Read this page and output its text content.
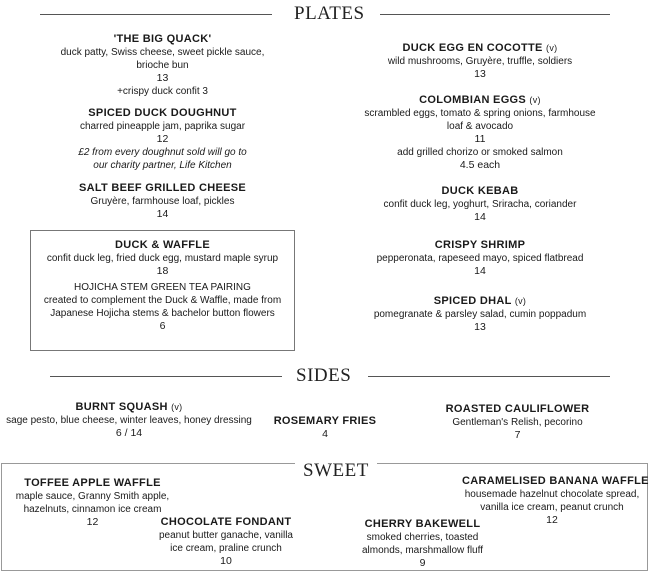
PLATES
'THE BIG QUACK'
duck patty, Swiss cheese, sweet pickle sauce, brioche bun
13
+crispy duck confit 3
SPICED DUCK DOUGHNUT
charred pineapple jam, paprika sugar
12
£2 from every doughnut sold will go to our charity partner, Life Kitchen
SALT BEEF GRILLED CHEESE
Gruyère, farmhouse loaf, pickles
14
DUCK & WAFFLE
confit duck leg, fried duck egg, mustard maple syrup
18
HOJICHA STEM GREEN TEA PAIRING
created to complement the Duck & Waffle, made from Japanese Hojicha stems & bachelor button flowers
6
DUCK EGG EN COCOTTE (v)
wild mushrooms, Gruyère, truffle, soldiers
13
COLOMBIAN EGGS (v)
scrambled eggs, tomato & spring onions, farmhouse loaf & avocado
11
add grilled chorizo or smoked salmon
4.5 each
DUCK KEBAB
confit duck leg, yoghurt, Sriracha, coriander
14
CRISPY SHRIMP
pepperonata, rapeseed mayo, spiced flatbread
14
SPICED DHAL (v)
pomegranate & parsley salad, cumin poppadum
13
SIDES
BURNT SQUASH (v)
sage pesto, blue cheese, winter leaves, honey dressing
6 / 14
ROSEMARY FRIES
4
ROASTED CAULIFLOWER
Gentleman's Relish, pecorino
7
SWEET
TOFFEE APPLE WAFFLE
maple sauce, Granny Smith apple, hazelnuts, cinnamon ice cream
12	CHOCOLATE FONDANT
peanut butter ganache, vanilla ice cream, praline crunch
10
CHERRY BAKEWELL
smoked cherries, toasted almonds, marshmallow fluff
9
CARAMELISED BANANA WAFFLE
housemade hazelnut chocolate spread, vanilla ice cream, peanut crunch
12
